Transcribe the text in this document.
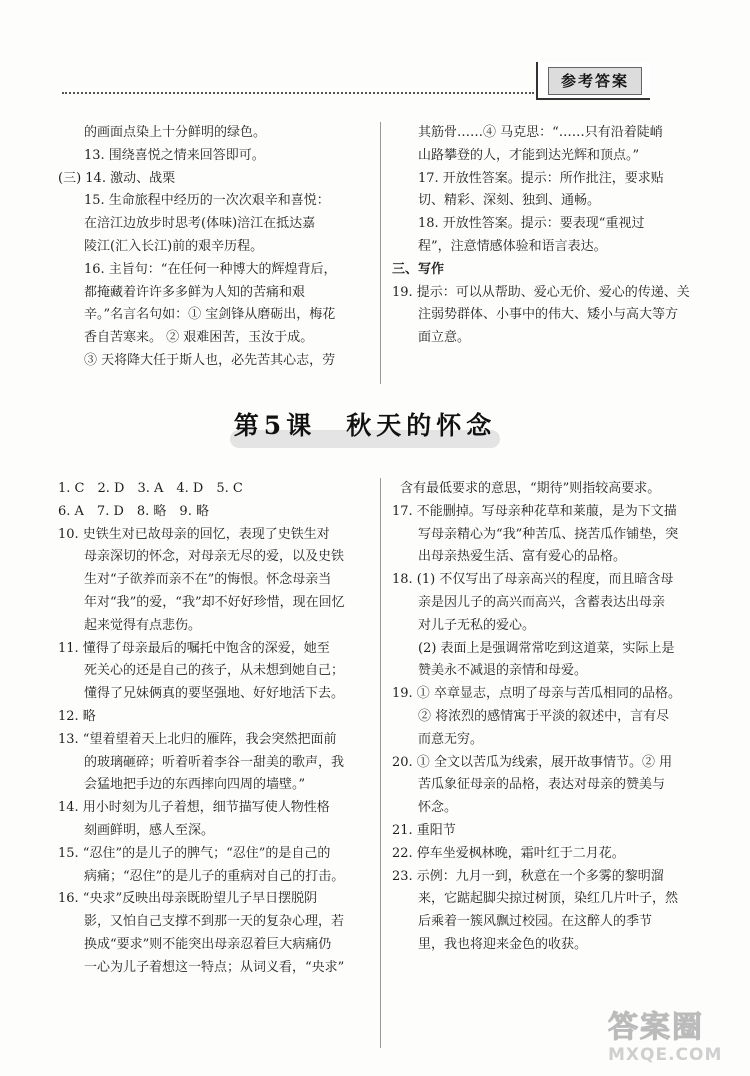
参考答案
的画面点染上十分鲜明的绿色。
13. 围绕喜悦之情来回答即可。
(三) 14. 激动、战栗
15. 生命旅程中经历的一次次艰辛和喜悦：
在涪江边放步时思考(体味)涪江在抵达嘉
陵江(汇入长江)前的艰辛历程。
16. 主旨句：“在任何一种博大的辉煌背后，
都掩藏着许许多多鲜为人知的苦痛和艰
辛。”名言名句如：① 宝剑锋从磨砺出，梅花
香自苦寒来。 ② 艰难困苦，玉汝于成。
③ 天将降大任于斯人也，必先苦其心志，劳
其筋骨……④ 马克思：“……只有沿着陡峭
山路攀登的人，才能到达光辉和顶点。”
17. 开放性答案。提示：所作批注，要求贴
切、精彩、深刻、独到、通畅。
18. 开放性答案。提示：要表现“重视过
程”，注意情感体验和语言表达。
三、写作
19. 提示：可以从帮助、爱心无价、爱心的传递、关
注弱势群体、小事中的伟大、矮小与高大等方
面立意。
第5课　秋天的怀念
1. C　2. D　3. A　4. D　5. C
6. A　7. D　8. 略　9. 略
10. 史铁生对已故母亲的回忆，表现了史铁生对
母亲深切的怀念，对母亲无尽的爱，以及史铁
生对“子欲养而亲不在”的悔恨。怀念母亲当
年对“我”的爱，“我”却不好好珍惜，现在回忆
起来觉得有点悲伤。
11. 懂得了母亲最后的嘱托中饱含的深爱，她至
死关心的还是自己的孩子，从未想到她自己；
懂得了兄妹俩真的要坚强地、好好地活下去。
12. 略
13. “望着望着天上北归的雁阵，我会突然把面前
的玻璃砸碎；听着听着李谷一甜美的歌声，我
会猛地把手边的东西摔向四周的墙壁。”
14. 用小时刻为儿子着想，细节描写使人物性格
刻画鲜明，感人至深。
15. “忍住”的是儿子的脾气；“忍住”的是自己的
病痛；“忍住”的是儿子的重病对自己的打击。
16. “央求”反映出母亲既盼望儿子早日摆脱阴
影，又怕自己支撑不到那一天的复杂心理，若
换成“要求”则不能突出母亲忍着巨大病痛仍
一心为儿子着想这一特点；从词义看，“央求”
含有最低要求的意思，“期待”则指较高要求。
17. 不能删掉。写母亲种花草和莱菔，是为下文描
写母亲精心为“我”种苦瓜、挠苦瓜作铺垫，突
出母亲热爱生活、富有爱心的品格。
18. (1) 不仅写出了母亲高兴的程度，而且暗含母
亲是因儿子的高兴而高兴，含蓄表达出母亲
对儿子无私的爱心。
(2) 表面上是强调常常吃到这道菜，实际上是
赞美永不减退的亲情和母爱。
19. ① 卒章显志，点明了母亲与苦瓜相同的品格。
② 将浓烈的感情寓于平淡的叙述中，言有尽
而意无穷。
20. ① 全文以苦瓜为线索，展开故事情节。② 用
苦瓜象征母亲的品格，表达对母亲的赞美与
怀念。
21. 重阳节
22. 停车坐爱枫林晚，霜叶红于二月花。
23. 示例：九月一到，秋意在一个多雾的黎明溜
来，它踮起脚尖掠过树顶，染红几片叶子，然
后乘着一簇风飘过校园。在这醉人的季节
里，我也将迎来金色的收获。
答案圈
MXQE.COM
